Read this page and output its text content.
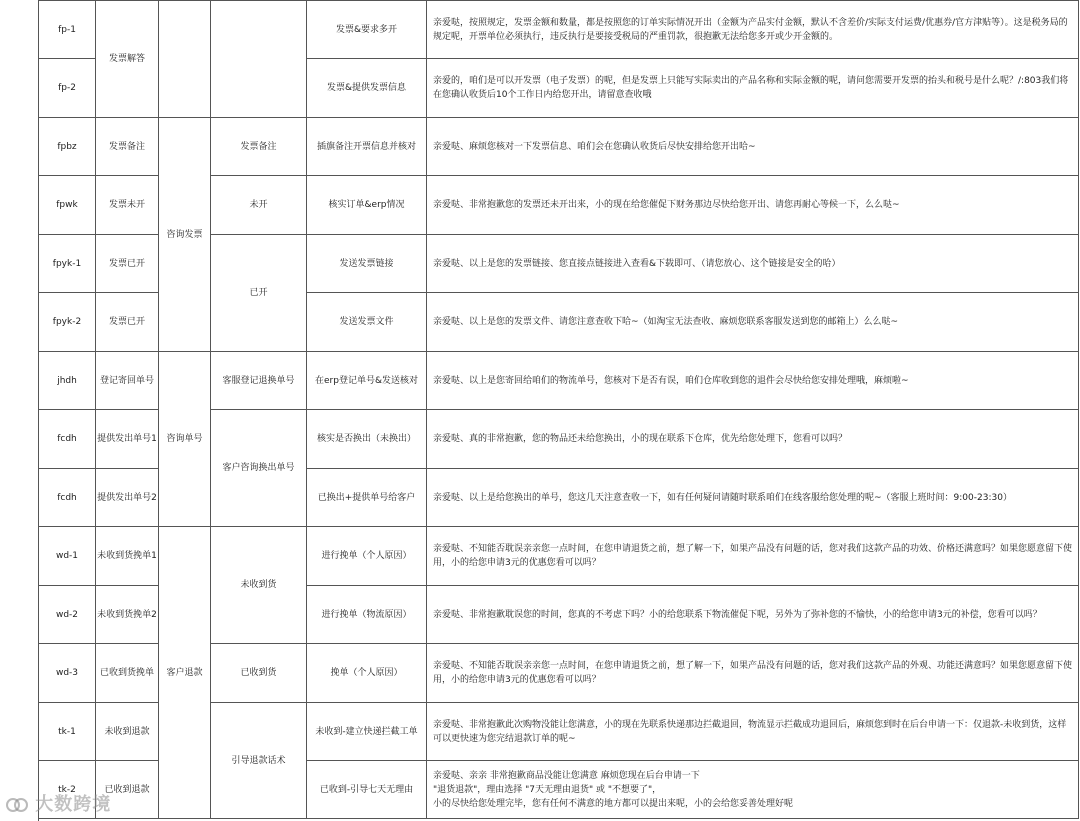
fp-1	发票解答			发票&要求多开	亲爱哒，按照规定，发票金额和数量，都是按照您的订单实际情况开出（金额为产品实付金额，默认不含差价/实际支付运费/优惠券/官方津贴等）。这是税务局的规定呢，开票单位必须执行，违反执行是要接受税局的严重罚款，很抱歉无法给您多开或少开金额的。
fp-2				发票&提供发票信息	亲爱的，咱们是可以开发票（电子发票）的呢，但是发票上只能写实际卖出的产品名称和实际金额的呢，请问您需要开发票的抬头和税号是什么呢？/:803我们将在您确认收货后10个工作日内给您开出，请留意查收哦
fpbz	发票备注	咨询发票	发票备注	插旗备注开票信息并核对	亲爱哒、麻烦您核对一下发票信息、咱们会在您确认收货后尽快安排给您开出哈~
fpwk	发票未开		未开	核实订单&erp情况	亲爱哒、非常抱歉您的发票还未开出来，小的现在给您催促下财务那边尽快给您开出、请您再耐心等候一下，么么哒~
fpyk-1	发票已开		已开	发送发票链接	亲爱哒、以上是您的发票链接、您直接点链接进入查看&下载即可、（请您放心、这个链接是安全的哈）
fpyk-2	发票已开			发送发票文件	亲爱哒、以上是您的发票文件、请您注意查收下哈~（如淘宝无法查收、麻烦您联系客服发送到您的邮箱上）么么哒~
jhdh	登记寄回单号	咨询单号	客服登记退换单号	在erp登记单号&发送核对	亲爱哒、以上是您寄回给咱们的物流单号，您核对下是否有误，咱们仓库收到您的退件会尽快给您安排处理哦，麻烦啦~
fcdh	提供发出单号1		客户咨询换出单号	核实是否换出（未换出）	亲爱哒、真的非常抱歉，您的物品还未给您换出，小的现在联系下仓库，优先给您处理下，您看可以吗？
fcdh	提供发出单号2			已换出+提供单号给客户	亲爱哒、以上是给您换出的单号，您这几天注意查收一下，如有任何疑问请随时联系咱们在线客服给您处理的呢~（客服上班时间：9:00-23:30）
wd-1	未收到货挽单1	客户退款	未收到货	进行挽单（个人原因）	亲爱哒、不知能否耽误亲亲您一点时间，在您申请退货之前，想了解一下，如果产品没有问题的话，您对我们这款产品的功效、价格还满意吗？如果您愿意留下使用，小的给您申请3元的优惠您看可以吗？
wd-2	未收到货挽单2			进行挽单（物流原因）	亲爱哒、非常抱歉耽误您的时间，您真的不考虑下吗？小的给您联系下物流催促下呢，另外为了弥补您的不愉快，小的给您申请3元的补偿，您看可以吗？
wd-3	已收到货挽单		已收到货	挽单（个人原因）	亲爱哒、不知能否耽误亲亲您一点时间，在您申请退货之前，想了解一下，如果产品没有问题的话，您对我们这款产品的外观、功能还满意吗？如果您愿意留下使用，小的给您申请3元的优惠您看可以吗？
tk-1	未收到退款		引导退款话术	未收到-建立快递拦截工单	亲爱哒、非常抱歉此次购物没能让您满意，小的现在先联系快递那边拦截退回，物流显示拦截成功退回后，麻烦您到时在后台申请一下：仅退款-未收到货，这样可以更快速为您完结退款订单的呢~
tk-2	已收到退款			已收到-引导七天无理由	亲爱哒、亲亲 非常抱歉商品没能让您满意 麻烦您现在后台申请一下
"退货退款"，理由选择 "7天无理由退货" 或 "不想要了"，
小的尽快给您处理完毕，您有任何不满意的地方都可以提出来呢，小的会给您妥善处理好呢
大数跨境
